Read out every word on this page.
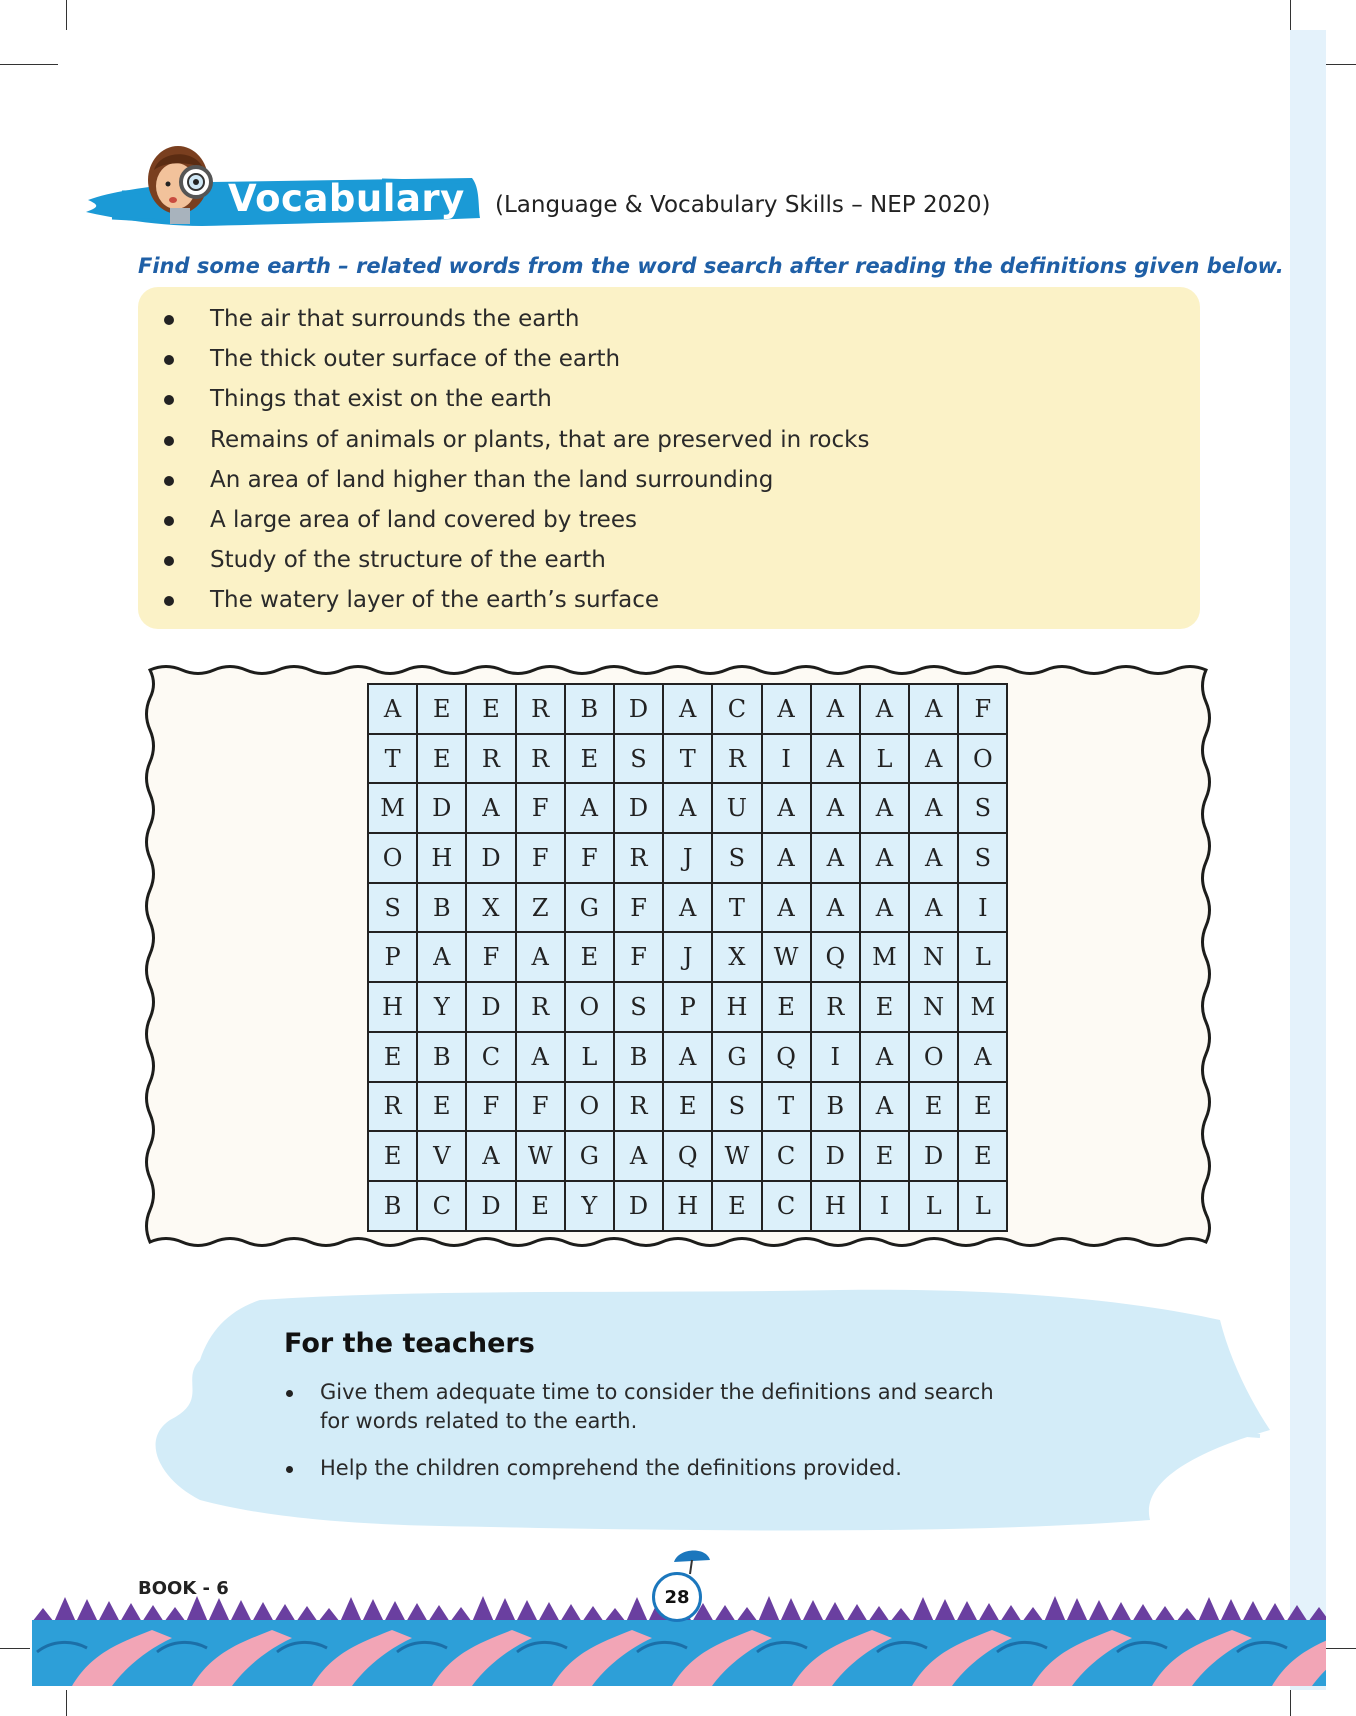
Vocabulary (Language & Vocabulary Skills – NEP 2020)
Find some earth – related words from the word search after reading the definitions given below.
The air that surrounds the earth
The thick outer surface of the earth
Things that exist on the earth
Remains of animals or plants, that are preserved in rocks
An area of land higher than the land surrounding
A large area of land covered by trees
Study of the structure of the earth
The watery layer of the earth’s surface
A	E	E	R	B	D	A	C	A	A	A	A	F
T	E	R	R	E	S	T	R	I	A	L	A	O
M	D	A	F	A	D	A	U	A	A	A	A	S
O	H	D	F	F	R	J	S	A	A	A	A	S
S	B	X	Z	G	F	A	T	A	A	A	A	I
P	A	F	A	E	F	J	X	W	Q	M	N	L
H	Y	D	R	O	S	P	H	E	R	E	N	M
E	B	C	A	L	B	A	G	Q	I	A	O	A
R	E	F	F	O	R	E	S	T	B	A	E	E
E	V	A	W	G	A	Q	W	C	D	E	D	E
B	C	D	E	Y	D	H	E	C	H	I	L	L
For the teachers
Give them adequate time to consider the definitions and search for words related to the earth.
Help the children comprehend the definitions provided.
BOOK - 6	28
